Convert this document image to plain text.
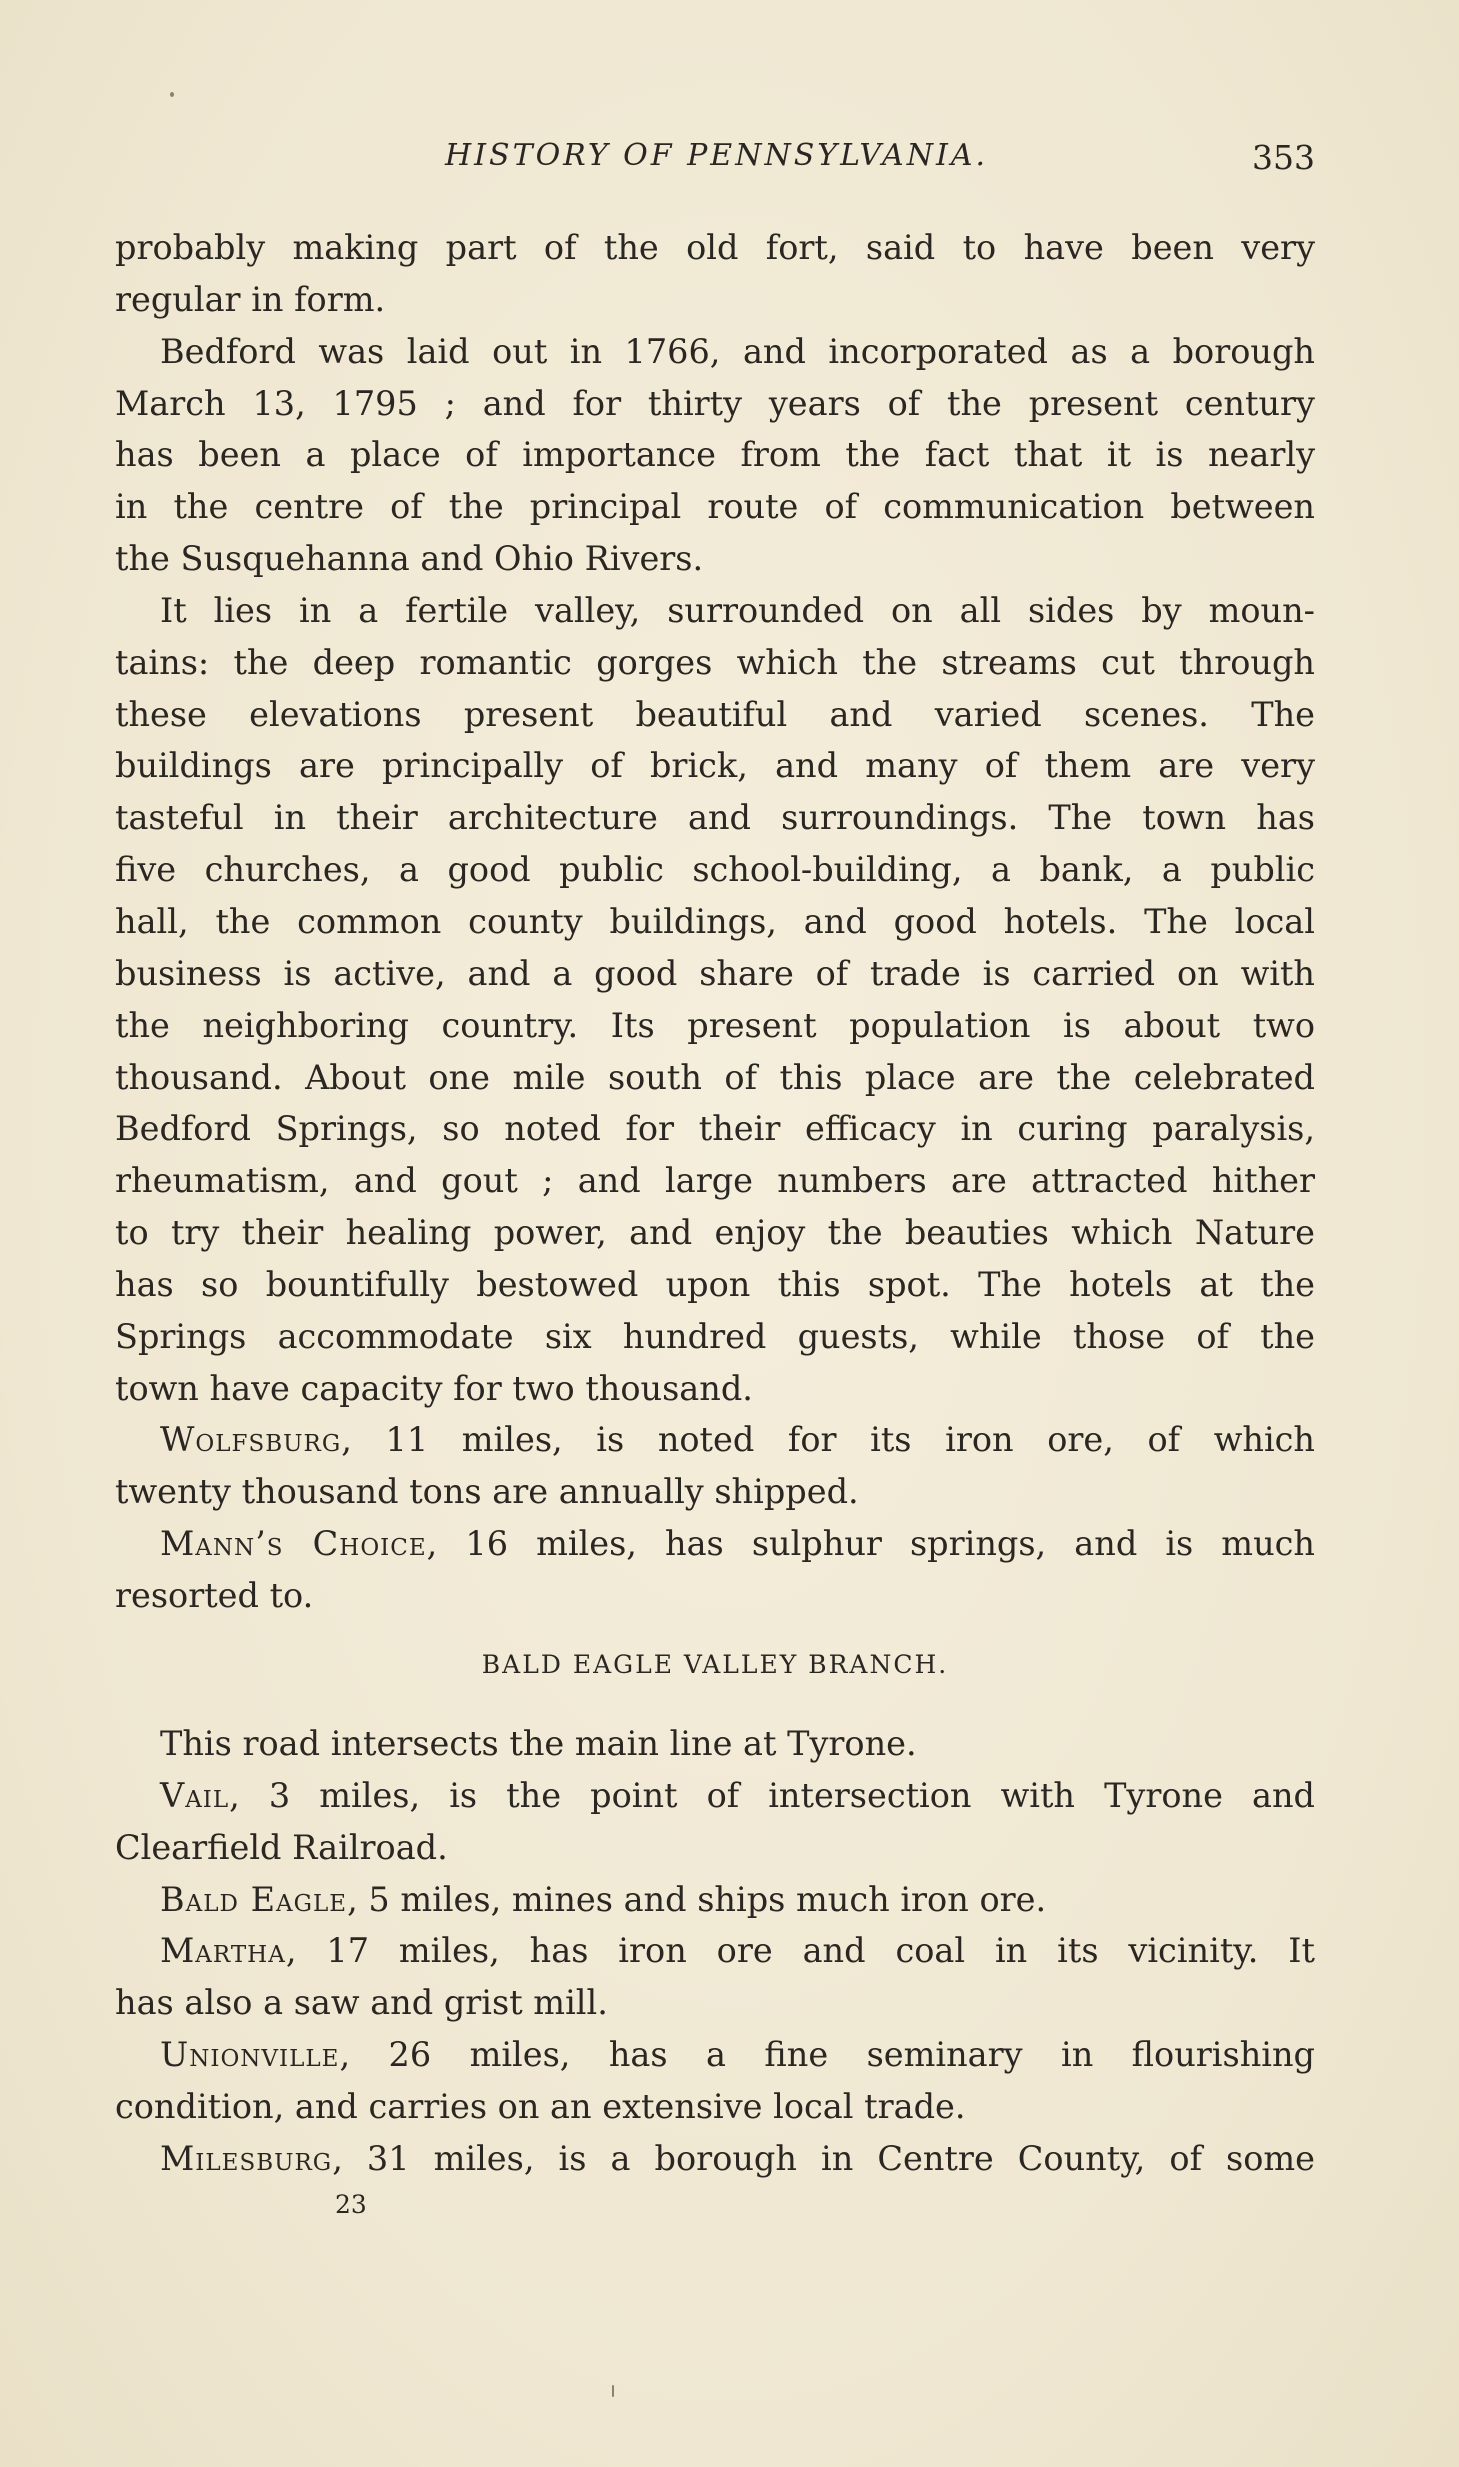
HISTORY OF PENNSYLVANIA.	353
probably making part of the old fort, said to have been very
regular in form.
Bedford was laid out in 1766, and incorporated as a borough
March 13, 1795 ; and for thirty years of the present century
has been a place of importance from the fact that it is nearly
in the centre of the principal route of communication between
the Susquehanna and Ohio Rivers.
It lies in a fertile valley, surrounded on all sides by moun-
tains: the deep romantic gorges which the streams cut through
these elevations present beautiful and varied scenes. The
buildings are principally of brick, and many of them are very
tasteful in their architecture and surroundings. The town has
five churches, a good public school-building, a bank, a public
hall, the common county buildings, and good hotels. The local
business is active, and a good share of trade is carried on with
the neighboring country. Its present population is about two
thousand. About one mile south of this place are the celebrated
Bedford Springs, so noted for their efficacy in curing paralysis,
rheumatism, and gout ; and large numbers are attracted hither
to try their healing power, and enjoy the beauties which Nature
has so bountifully bestowed upon this spot. The hotels at the
Springs accommodate six hundred guests, while those of the
town have capacity for two thousand.
Wolfsburg, 11 miles, is noted for its iron ore, of which
twenty thousand tons are annually shipped.
Mann’s Choice, 16 miles, has sulphur springs, and is much
resorted to.
BALD EAGLE VALLEY BRANCH.
This road intersects the main line at Tyrone.
Vail, 3 miles, is the point of intersection with Tyrone and
Clearfield Railroad.
Bald Eagle, 5 miles, mines and ships much iron ore.
Martha, 17 miles, has iron ore and coal in its vicinity. It
has also a saw and grist mill.
Unionville, 26 miles, has a fine seminary in flourishing
condition, and carries on an extensive local trade.
Milesburg, 31 miles, is a borough in Centre County, of some
23
